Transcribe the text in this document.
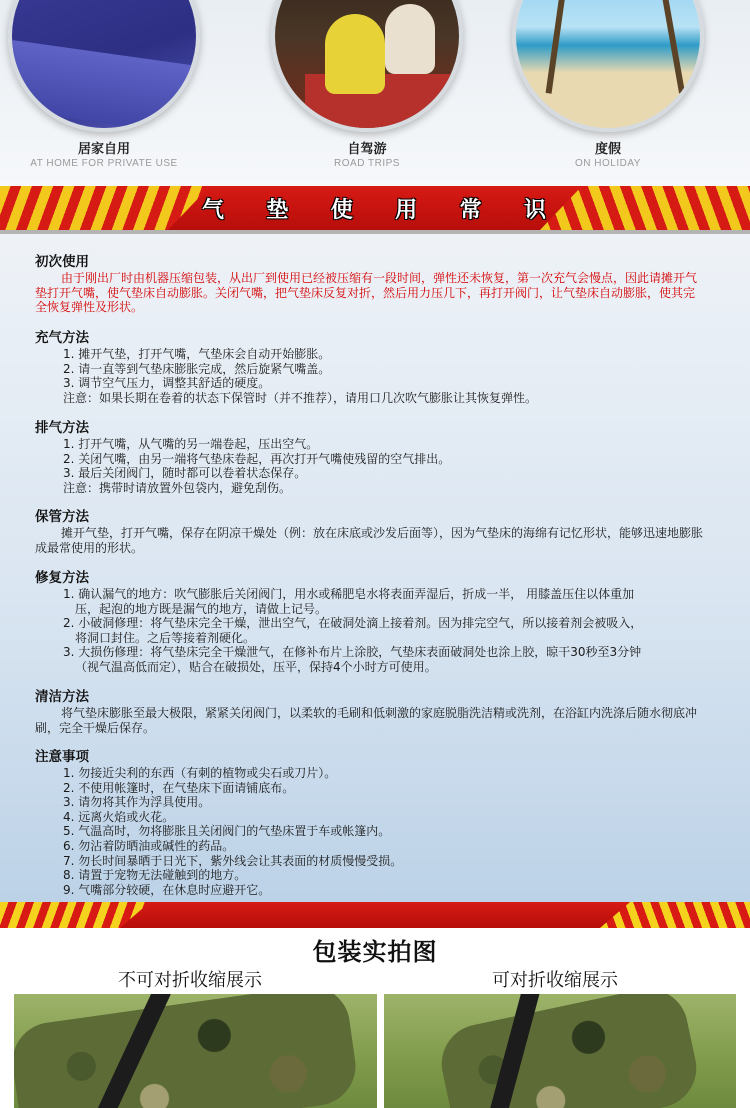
居家自用
AT HOME FOR PRIVATE USE
自驾游
ROAD TRIPS
度假
ON HOLIDAY
气 垫 使 用 常 识
初次使用
由于刚出厂时由机器压缩包装，从出厂到使用已经被压缩有一段时间，弹性还未恢复，第一次充气会慢点，因此请摊开气垫打开气嘴，使气垫床自动膨胀。关闭气嘴，把气垫床反复对折，然后用力压几下，再打开阀门，让气垫床自动膨胀，使其完全恢复弹性及形状。
充气方法
1. 摊开气垫，打开气嘴，气垫床会自动开始膨胀。
2. 请一直等到气垫床膨胀完成，然后旋紧气嘴盖。
3. 调节空气压力，调整其舒适的硬度。
注意：如果长期在卷着的状态下保管时（并不推荐），请用口几次吹气膨胀让其恢复弹性。
排气方法
1. 打开气嘴，从气嘴的另一端卷起，压出空气。
2. 关闭气嘴，由另一端将气垫床卷起，再次打开气嘴使残留的空气排出。
3. 最后关闭阀门，随时都可以卷着状态保存。
注意：携带时请放置外包袋内，避免刮伤。
保管方法
摊开气垫，打开气嘴，保存在阴凉干燥处（例：放在床底或沙发后面等），因为气垫床的海绵有记忆形状，能够迅速地膨胀成最常使用的形状。
修复方法
1. 确认漏气的地方：吹气膨胀后关闭阀门，用水或稀肥皂水将表面弄湿后，折成一半， 用膝盖压住以体重加
压，起泡的地方既是漏气的地方，请做上记号。
2. 小破洞修理：将气垫床完全干燥，泄出空气，在破洞处滴上接着剂。因为排完空气，所以接着剂会被吸入，
将洞口封住。之后等接着剂硬化。
3. 大损伤修理：将气垫床完全干燥泄气，在修补布片上涂胶，气垫床表面破洞处也涂上胶，晾干30秒至3分钟
（视气温高低而定），贴合在破损处，压平，保持4个小时方可使用。
清洁方法
将气垫床膨胀至最大极限，紧紧关闭阀门，以柔软的毛刷和低刺激的家庭脱脂洗洁精或洗剂，在浴缸内洗涤后随水彻底冲刷，完全干燥后保存。
注意事项
1. 勿接近尖利的东西（有刺的植物或尖石或刀片）。
2. 不使用帐篷时，在气垫床下面请铺底布。
3. 请勿将其作为浮具使用。
4. 远离火焰或火花。
5. 气温高时，勿将膨胀且关闭阀门的气垫床置于车或帐篷内。
6. 勿沾着防晒油或碱性的药品。
7. 勿长时间暴晒于日光下，紫外线会让其表面的材质慢慢受损。
8. 请置于宠物无法碰触到的地方。
9. 气嘴部分较硬，在休息时应避开它。
包装实拍图
不可对折收缩展示	可对折收缩展示
